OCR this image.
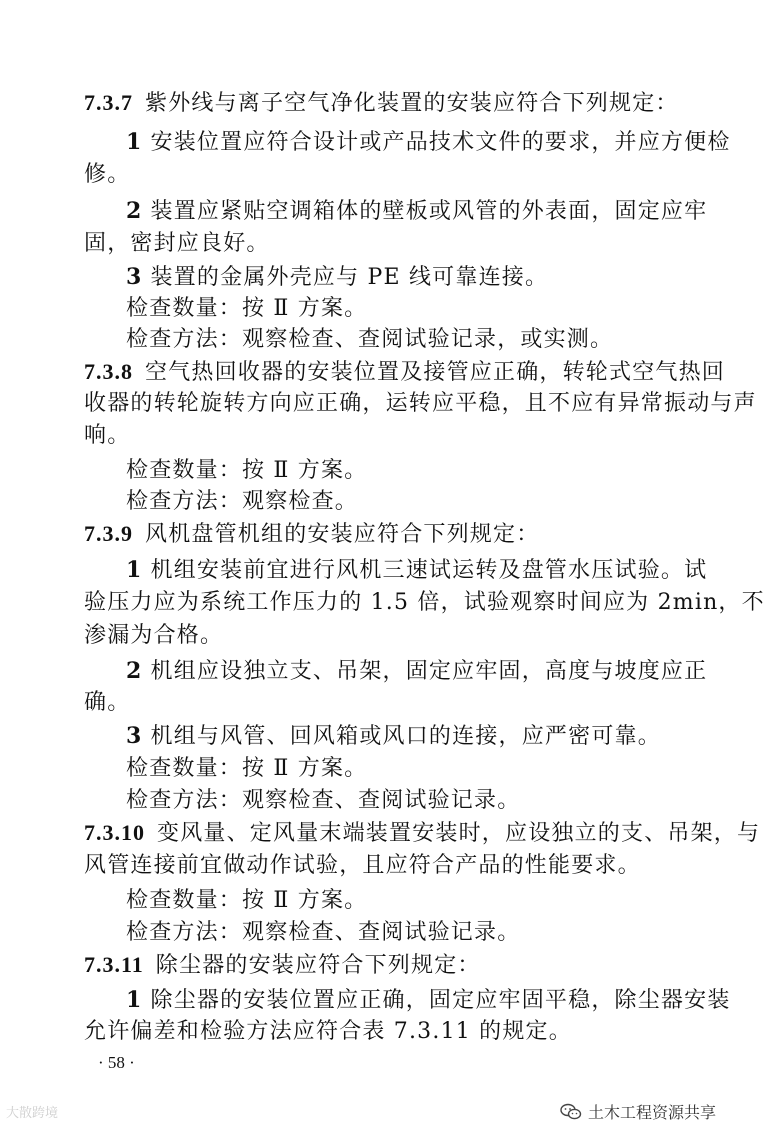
7.3.7 紫外线与离子空气净化装置的安装应符合下列规定：
1 安装位置应符合设计或产品技术文件的要求，并应方便检
修。
2 装置应紧贴空调箱体的壁板或风管的外表面，固定应牢
固，密封应良好。
3 装置的金属外壳应与 PE 线可靠连接。
检查数量：按 Ⅱ 方案。
检查方法：观察检查、查阅试验记录，或实测。
7.3.8 空气热回收器的安装位置及接管应正确，转轮式空气热回
收器的转轮旋转方向应正确，运转应平稳，且不应有异常振动与声
响。
检查数量：按 Ⅱ 方案。
检查方法：观察检查。
7.3.9 风机盘管机组的安装应符合下列规定：
1 机组安装前宜进行风机三速试运转及盘管水压试验。试
验压力应为系统工作压力的 1.5 倍，试验观察时间应为 2min，不
渗漏为合格。
2 机组应设独立支、吊架，固定应牢固，高度与坡度应正
确。
3 机组与风管、回风箱或风口的连接，应严密可靠。
检查数量：按 Ⅱ 方案。
检查方法：观察检查、查阅试验记录。
7.3.10 变风量、定风量末端装置安装时，应设独立的支、吊架，与
风管连接前宜做动作试验，且应符合产品的性能要求。
检查数量：按 Ⅱ 方案。
检查方法：观察检查、查阅试验记录。
7.3.11 除尘器的安装应符合下列规定：
1 除尘器的安装位置应正确，固定应牢固平稳，除尘器安装
允许偏差和检验方法应符合表 7.3.11 的规定。
· 58 ·
大散跨境	土木工程资源共享
